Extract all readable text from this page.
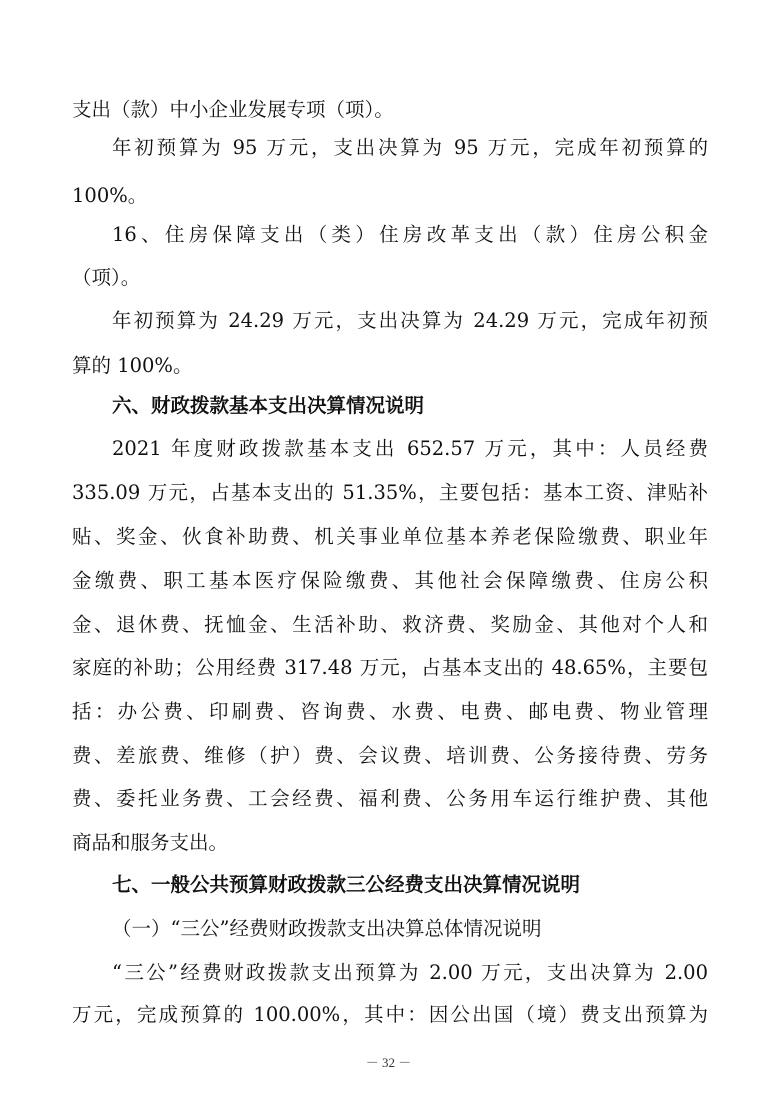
支出（款）中小企业发展专项（项）。
年初预算为 95 万元，支出决算为 95 万元，完成年初预算的
100%。
16、住房保障支出（类）住房改革支出（款）住房公积金
（项）。
年初预算为 24.29 万元，支出决算为 24.29 万元，完成年初预
算的 100%。
六、财政拨款基本支出决算情况说明
2021 年度财政拨款基本支出 652.57 万元，其中：人员经费
335.09 万元，占基本支出的 51.35%，主要包括：基本工资、津贴补
贴、奖金、伙食补助费、机关事业单位基本养老保险缴费、职业年
金缴费、职工基本医疗保险缴费、其他社会保障缴费、住房公积
金、退休费、抚恤金、生活补助、救济费、奖励金、其他对个人和
家庭的补助；公用经费 317.48 万元，占基本支出的 48.65%，主要包
括：办公费、印刷费、咨询费、水费、电费、邮电费、物业管理
费、差旅费、维修（护）费、会议费、培训费、公务接待费、劳务
费、委托业务费、工会经费、福利费、公务用车运行维护费、其他
商品和服务支出。
七、一般公共预算财政拨款三公经费支出决算情况说明
（一）“三公”经费财政拨款支出决算总体情况说明
“三公”经费财政拨款支出预算为 2.00 万元，支出决算为 2.00
万元，完成预算的 100.00%，其中：因公出国（境）费支出预算为
－ 32 －
